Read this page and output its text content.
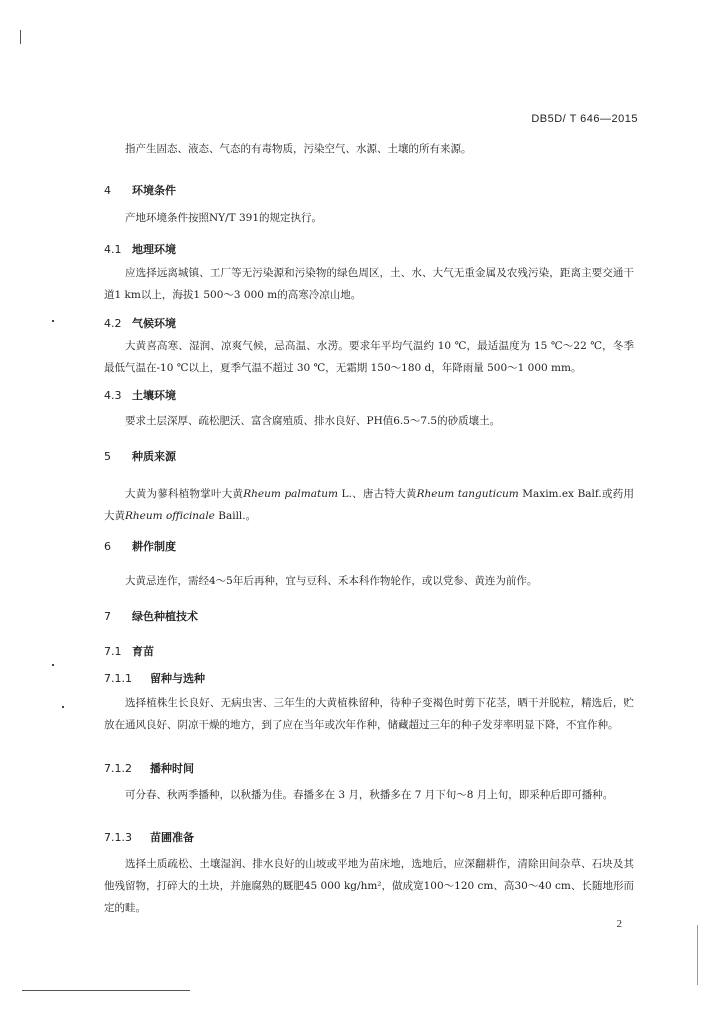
DB5D/ T 646—2015
指产生固态、液态、气态的有毒物质，污染空气、水源、土壤的所有来源。
4 环境条件
产地环境条件按照NY/T 391的规定执行。
4.1 地理环境
应选择远离城镇、工厂等无污染源和污染物的绿色周区，土、水、大气无重金属及农残污染，距离主要交通干道1 km以上，海拔1 500～3 000 m的高寒冷凉山地。
4.2 气候环境
大黄喜高寒、湿润、凉爽气候，忌高温、水涝。要求年平均气温约 10 ℃，最适温度为 15 ℃～22 ℃，冬季最低气温在-10 ℃以上，夏季气温不超过 30 ℃，无霜期 150～180 d，年降雨量 500～1 000 mm。
4.3 土壤环境
要求土层深厚、疏松肥沃、富含腐殖质、排水良好、PH值6.5～7.5的砂质壤土。
5 种质来源
大黄为蓼科植物掌叶大黄Rheum palmatum L.、唐古特大黄Rheum tanguticum Maxim.ex Balf.或药用大黄Rheum officinale Baill.。
6 耕作制度
大黄忌连作，需经4～5年后再种，宜与豆科、禾本科作物轮作，或以党参、黄连为前作。
7 绿色种植技术
7.1 育苗
7.1.1 留种与选种
选择植株生长良好、无病虫害、三年生的大黄植株留种，待种子变褐色时剪下花茎，晒干并脱粒，精选后，贮放在通风良好、阴凉干燥的地方，到了应在当年或次年作种，储藏超过三年的种子发芽率明显下降，不宜作种。
7.1.2 播种时间
可分春、秋两季播种，以秋播为佳。春播多在 3 月，秋播多在 7 月下旬～8 月上旬，即采种后即可播种。
7.1.3 苗圃准备
选择土质疏松、土壤湿润、排水良好的山坡或平地为苗床地，选地后，应深翻耕作，清除田间杂草、石块及其他残留物，打碎大的土块，并施腐熟的厩肥45 000 kg/hm²，做成宽100～120 cm、高30～40 cm、长随地形而定的畦。
2
